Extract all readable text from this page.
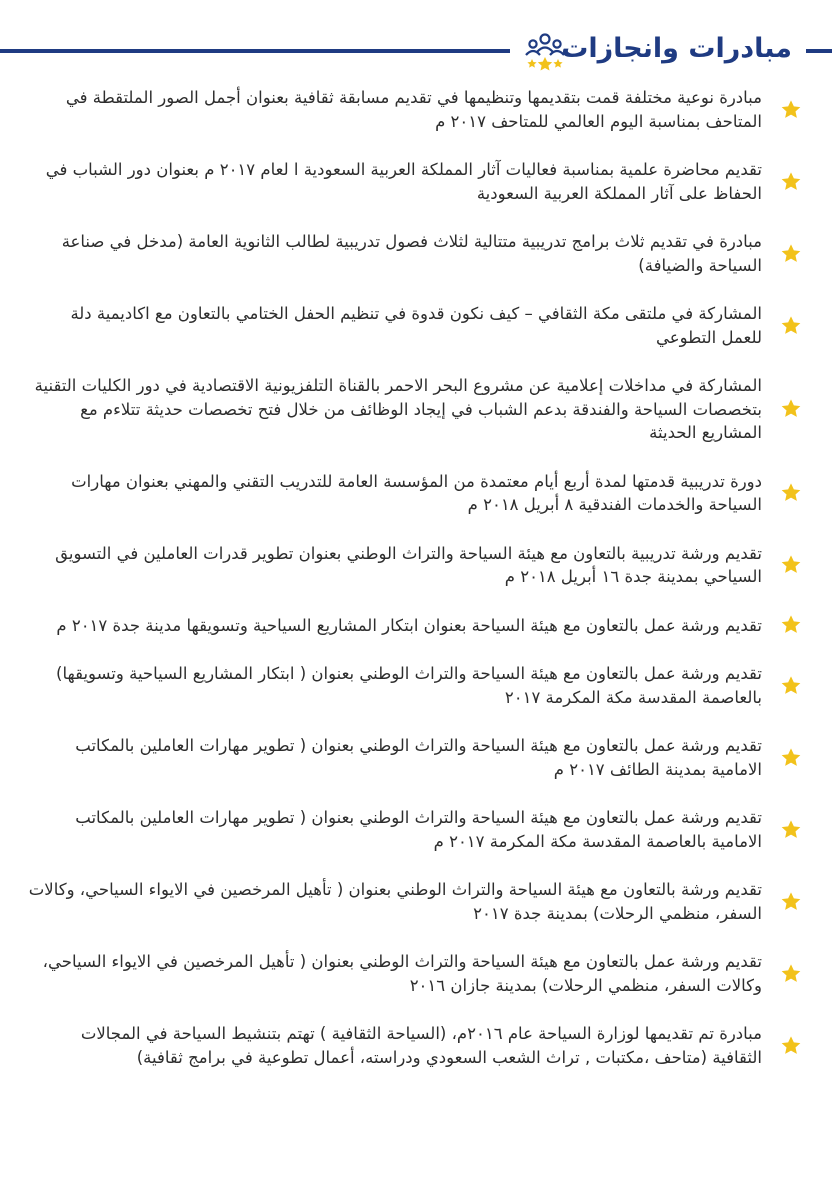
مبادرات وانجازات
مبادرة نوعية مختلفة قمت بتقديمها وتنظيمها في تقديم مسابقة ثقافية بعنوان أجمل الصور الملتقطة في المتاحف بمناسبة اليوم العالمي للمتاحف ٢٠١٧ م
تقديم محاضرة علمية بمناسبة فعاليات آثار المملكة العربية السعودية ا لعام ٢٠١٧ م بعنوان دور الشباب في الحفاظ على آثار المملكة العربية السعودية
مبادرة في تقديم ثلاث برامج تدريبية متتالية لثلاث فصول تدريبية لطالب الثانوية العامة (مدخل في صناعة السياحة والضيافة)
المشاركة في ملتقى مكة الثقافي – كيف نكون قدوة في تنظيم الحفل الختامي بالتعاون مع اكاديمية دلة للعمل التطوعي
المشاركة في مداخلات إعلامية عن مشروع البحر الاحمر بالقناة التلفزيونية الاقتصادية في دور الكليات التقنية بتخصصات السياحة والفندقة بدعم الشباب في إيجاد الوظائف من خلال فتح تخصصات حديثة تتلاءم مع المشاريع الحديثة
دورة تدريبية قدمتها لمدة أربع أيام معتمدة من المؤسسة العامة للتدريب التقني والمهني بعنوان مهارات السياحة والخدمات الفندقية ٨ أبريل ٢٠١٨ م
تقديم ورشة تدريبية بالتعاون مع هيئة السياحة والتراث الوطني بعنوان تطوير قدرات العاملين في التسويق السياحي بمدينة جدة ١٦ أبريل ٢٠١٨ م
تقديم ورشة عمل بالتعاون مع هيئة السياحة بعنوان ابتكار المشاريع السياحية وتسويقها مدينة جدة ٢٠١٧ م
تقديم ورشة عمل بالتعاون مع هيئة السياحة والتراث الوطني بعنوان ( ابتكار المشاريع السياحية وتسويقها) بالعاصمة المقدسة مكة المكرمة ٢٠١٧
تقديم ورشة عمل بالتعاون مع هيئة السياحة والتراث الوطني بعنوان ( تطوير مهارات العاملين بالمكاتب الامامية بمدينة الطائف ٢٠١٧ م
تقديم ورشة عمل بالتعاون مع هيئة السياحة والتراث الوطني بعنوان ( تطوير مهارات العاملين بالمكاتب الامامية بالعاصمة المقدسة مكة المكرمة ٢٠١٧ م
تقديم ورشة بالتعاون مع هيئة السياحة والتراث الوطني بعنوان ( تأهيل المرخصين في الايواء السياحي، وكالات السفر، منظمي الرحلات) بمدينة جدة ٢٠١٧
تقديم ورشة عمل بالتعاون مع هيئة السياحة والتراث الوطني بعنوان ( تأهيل المرخصين في الايواء السياحي، وكالات السفر، منظمي الرحلات) بمدينة جازان ٢٠١٦
مبادرة تم تقديمها لوزارة السياحة عام ٢٠١٦م، (السياحة الثقافية ) تهتم بتنشيط السياحة في المجالات الثقافية (متاحف ،مكتبات , تراث الشعب السعودي ودراسته، أعمال تطوعية في برامج ثقافية)
